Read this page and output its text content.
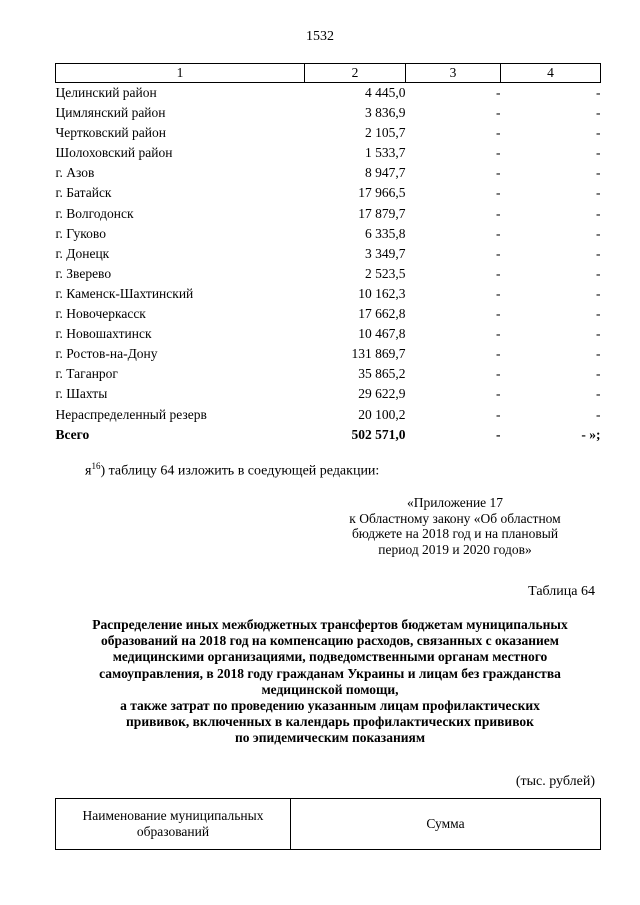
1532
1	2	3	4
Целинский район	4 445,0	-	-
Цимлянский район	3 836,9	-	-
Чертковский район	2 105,7	-	-
Шолоховский район	1 533,7	-	-
г. Азов	8 947,7	-	-
г. Батайск	17 966,5	-	-
г. Волгодонск	17 879,7	-	-
г. Гуково	6 335,8	-	-
г. Донецк	3 349,7	-	-
г. Зверево	2 523,5	-	-
г. Каменск-Шахтинский	10 162,3	-	-
г. Новочеркасск	17 662,8	-	-
г. Новошахтинск	10 467,8	-	-
г. Ростов-на-Дону	131 869,7	-	-
г. Таганрог	35 865,2	-	-
г. Шахты	29 622,9	-	-
Нераспределенный резерв	20 100,2	-	-
Всего	502 571,0	-	- »;
$я^{16}$) таблицу 64 изложить в соедующей редакции:
«Приложение 17
к Областному закону «Об областном
бюджете на 2018 год и на плановый
период 2019 и 2020 годов»
Таблица 64
Распределение иных межбюджетных трансфертов бюджетам муниципальных
образований на 2018 год на компенсацию расходов, связанных с оказанием
медицинскими организациями, подведомственными органам местного
самоуправления, в 2018 году гражданам Украины и лицам без гражданства
медицинской помощи,
а также затрат по проведению указанным лицам профилактических
прививок, включенных в календарь профилактических прививок
по эпидемическим показаниям
(тыс. рублей)
Наименование муниципальных
образований
	Сумма
